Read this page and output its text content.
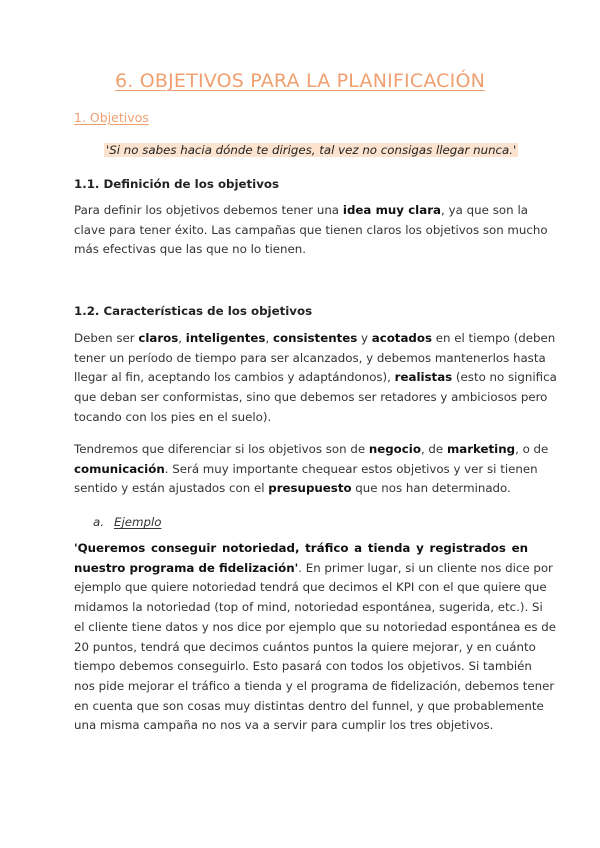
6. OBJETIVOS PARA LA PLANIFICACIÓN
1. Objetivos
'Si no sabes hacia dónde te diriges, tal vez no consigas llegar nunca.'
1.1. Definición de los objetivos
Para definir los objetivos debemos tener una idea muy clara, ya que son la
clave para tener éxito. Las campañas que tienen claros los objetivos son mucho
más efectivas que las que no lo tienen.
1.2. Características de los objetivos
Deben ser claros, inteligentes, consistentes y acotados en el tiempo (deben
tener un período de tiempo para ser alcanzados, y debemos mantenerlos hasta
llegar al fin, aceptando los cambios y adaptándonos), realistas (esto no significa
que deban ser conformistas, sino que debemos ser retadores y ambiciosos pero
tocando con los pies en el suelo).
Tendremos que diferenciar si los objetivos son de negocio, de marketing, o de
comunicación. Será muy importante chequear estos objetivos y ver si tienen
sentido y están ajustados con el presupuesto que nos han determinado.
a. Ejemplo
'Queremos conseguir notoriedad, tráfico a tienda y registrados en
nuestro programa de fidelización'. En primer lugar, si un cliente nos dice por
ejemplo que quiere notoriedad tendrá que decimos el KPI con el que quiere que
midamos la notoriedad (top of mind, notoriedad espontánea, sugerida, etc.). Si
el cliente tiene datos y nos dice por ejemplo que su notoriedad espontánea es de
20 puntos, tendrá que decimos cuántos puntos la quiere mejorar, y en cuánto
tiempo debemos conseguirlo. Esto pasará con todos los objetivos. Si también
nos pide mejorar el tráfico a tienda y el programa de fidelización, debemos tener
en cuenta que son cosas muy distintas dentro del funnel, y que probablemente
una misma campaña no nos va a servir para cumplir los tres objetivos.
